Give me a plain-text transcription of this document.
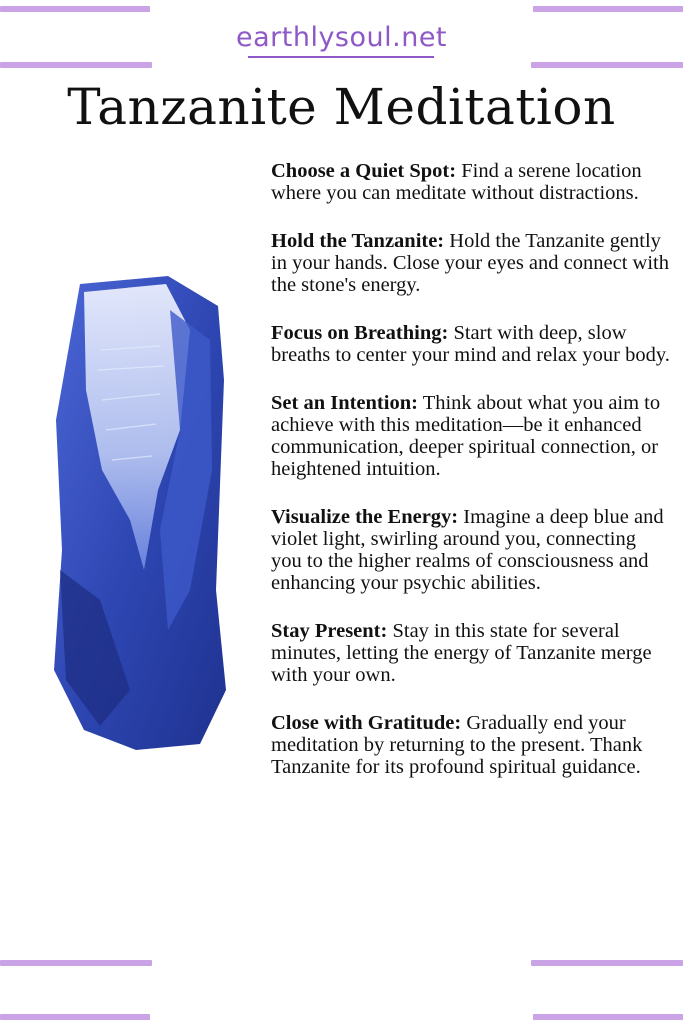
earthlysoul.net
Tanzanite Meditation
Choose a Quiet Spot: Find a serene location where you can meditate without distractions.
Hold the Tanzanite: Hold the Tanzanite gently in your hands. Close your eyes and connect with the stone's energy.
Focus on Breathing: Start with deep, slow breaths to center your mind and relax your body.
Set an Intention: Think about what you aim to achieve with this meditation—be it enhanced communication, deeper spiritual connection, or heightened intuition.
Visualize the Energy: Imagine a deep blue and violet light, swirling around you, connecting you to the higher realms of consciousness and enhancing your psychic abilities.
Stay Present: Stay in this state for several minutes, letting the energy of Tanzanite merge with your own.
Close with Gratitude: Gradually end your meditation by returning to the present. Thank Tanzanite for its profound spiritual guidance.
